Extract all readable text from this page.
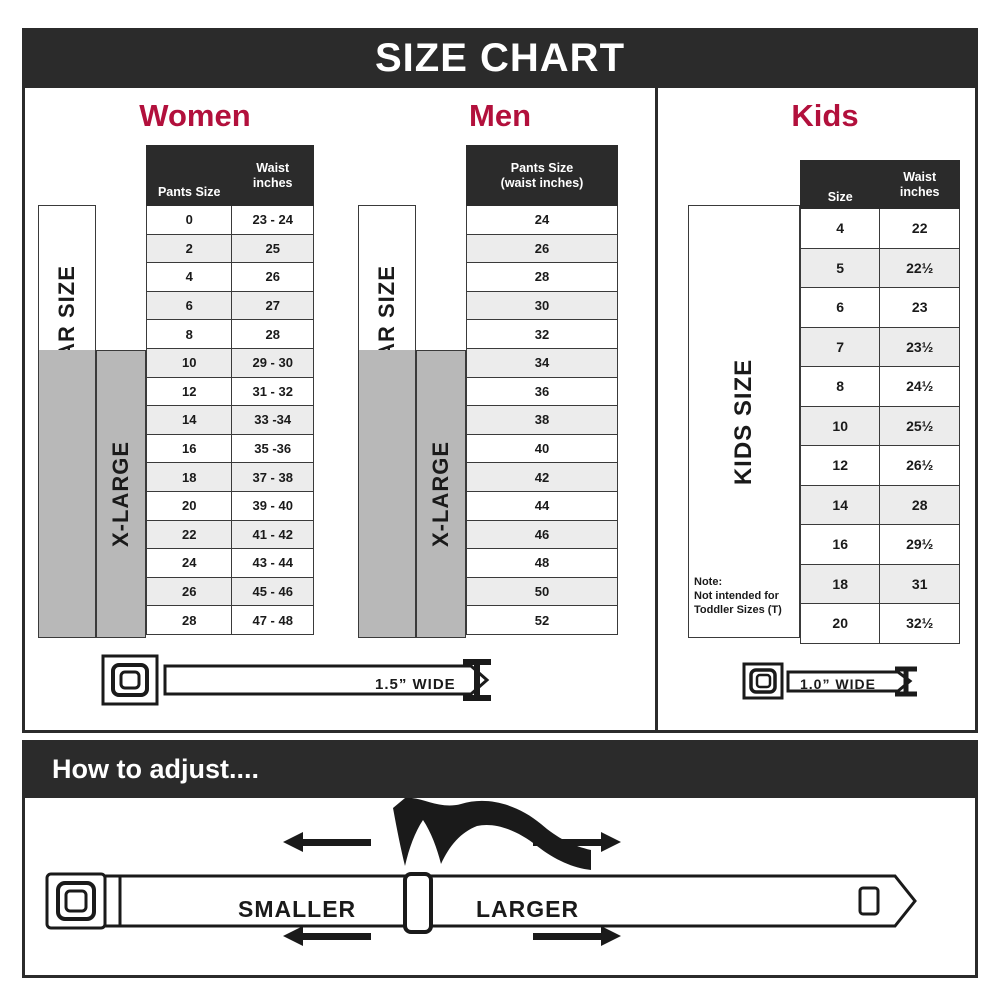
SIZE CHART
Women	Men	Kids
X-LARGE
Pants Size	Waist
inches
0	23 - 24
2	25
4	26
6	27
8	28
10	29 - 30
12	31 - 32
14	33 -34
16	35 -36
18	37 - 38
20	39 - 40
22	41 - 42
24	43 - 44
26	45 - 46
28	47 - 48
X-LARGE
Pants Size
(waist inches)
24
26
28
30
32
34
36
38
40
42
44
46
48
50
52
KIDS SIZE
Note:
Not intended for
Toddler Sizes (T)
Size	Waist
inches
4	22
5	22½
6	23
7	23½
8	24½
10	25½
12	26½
14	28
16	29½
18	31
20	32½
1.5” WIDE	1.0” WIDE
How to adjust....
SMALLER	LARGER
